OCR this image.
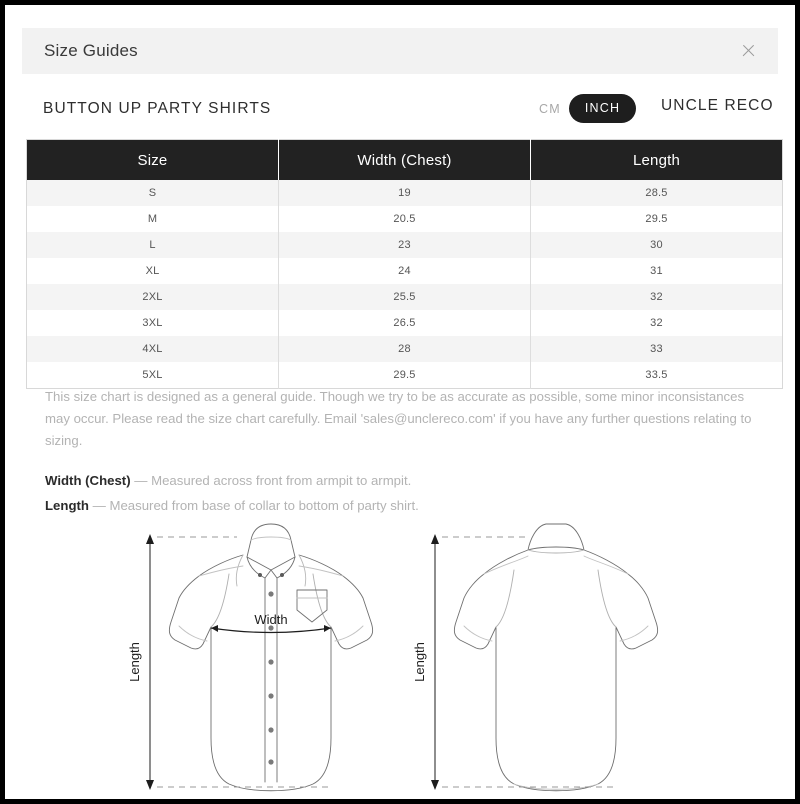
Size Guides
BUTTON UP PARTY SHIRTS	CM	INCH	UNCLE RECO
Size	Width (Chest)	Length
S	19	28.5
M	20.5	29.5
L	23	30
XL	24	31
2XL	25.5	32
3XL	26.5	32
4XL	28	33
5XL	29.5	33.5

This size chart is designed as a general guide. Though we try to be as accurate as possible, some minor inconsistances may occur. Please read the size chart carefully. Email 'sales@unclereco.com' if you have any further questions relating to sizing.

Width (Chest) — Measured across front from armpit to armpit.

Length — Measured from base of collar to bottom of party shirt.

Width
Length	Length
